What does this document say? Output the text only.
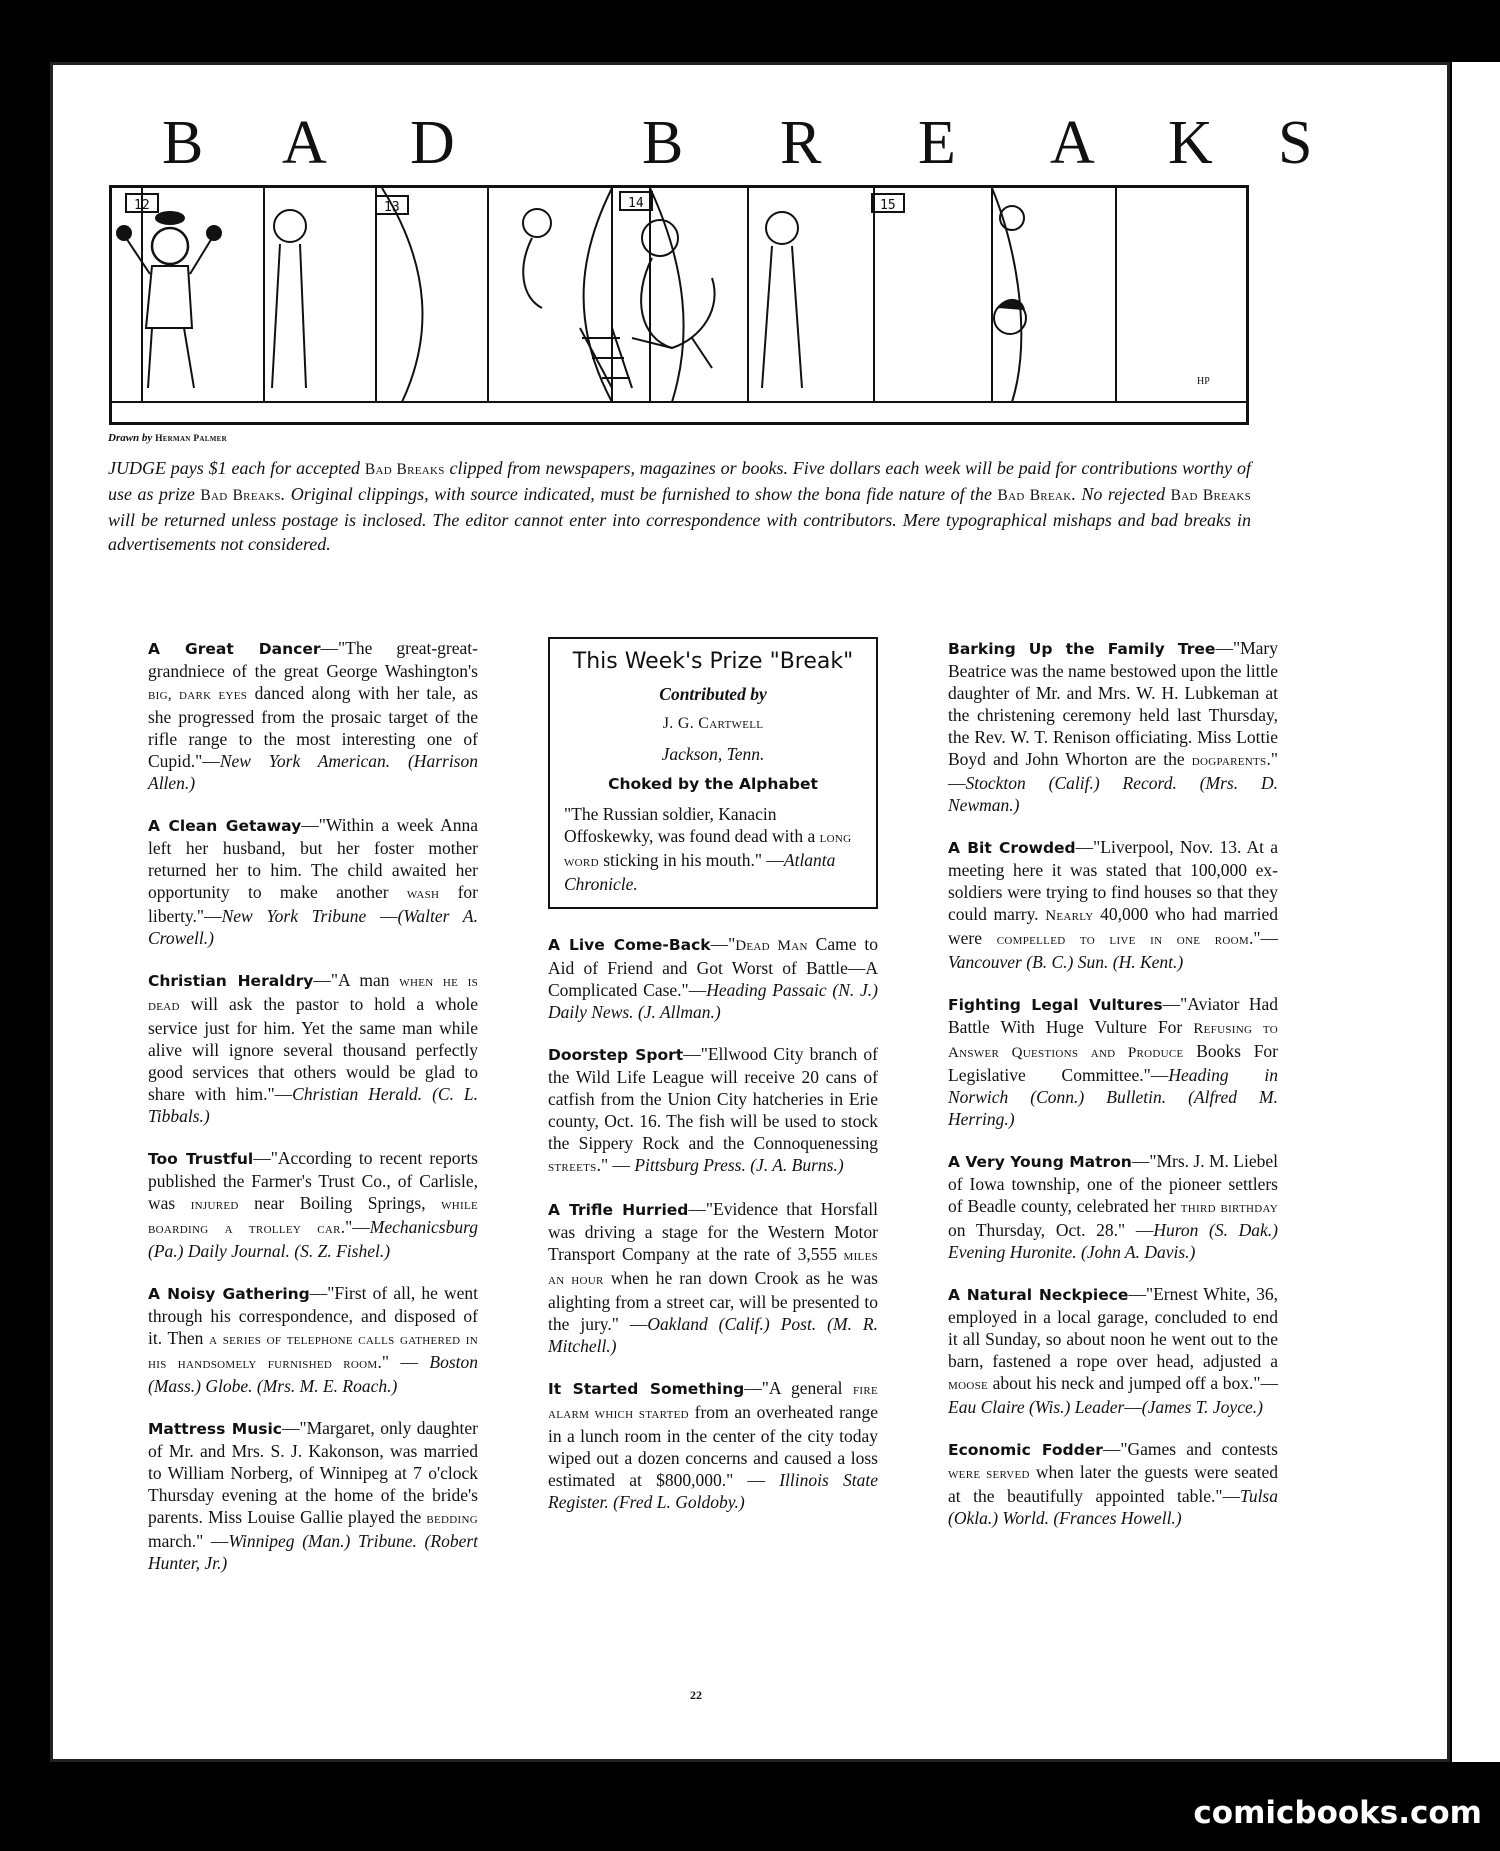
B A D	B R E A K S
12	13	14	15
HP
Drawn by Herman Palmer

JUDGE pays $1 each for accepted Bad Breaks clipped from newspapers, magazines or books. Five dollars each week will be paid for contributions worthy of use as prize Bad Breaks. Original clippings, with source indicated, must be furnished to show the bona fide nature of the Bad Break. No rejected Bad Breaks will be returned unless postage is inclosed. The editor cannot enter into correspondence with contributors. Mere typographical mishaps and bad breaks in advertisements not considered.

A Great Dancer—"The great-great-grandniece of the great George Washington's big, dark eyes danced along with her tale, as she progressed from the prosaic target of the rifle range to the most interesting one of Cupid."—New York American. (Harrison Allen.)

A Clean Getaway—"Within a week Anna left her husband, but her foster mother returned her to him. The child awaited her opportunity to make another wash for liberty."—New York Tribune —(Walter A. Crowell.)

Christian Heraldry—"A man when he is dead will ask the pastor to hold a whole service just for him. Yet the same man while alive will ignore several thousand perfectly good services that others would be glad to share with him."—Christian Herald. (C. L. Tibbals.)

Too Trustful—"According to recent reports published the Farmer's Trust Co., of Carlisle, was injured near Boiling Springs, while boarding a trolley car."—Mechanicsburg (Pa.) Daily Journal. (S. Z. Fishel.)

A Noisy Gathering—"First of all, he went through his correspondence, and disposed of it. Then a series of telephone calls gathered in his handsomely furnished room." — Boston (Mass.) Globe. (Mrs. M. E. Roach.)

Mattress Music—"Margaret, only daughter of Mr. and Mrs. S. J. Kakonson, was married to William Norberg, of Winnipeg at 7 o'clock Thursday evening at the home of the bride's parents. Miss Louise Gallie played the bedding march." —Winnipeg (Man.) Tribune. (Robert Hunter, Jr.)

This Week's Prize "Break"
Contributed by
J. G. Cartwell
Jackson, Tenn.
Choked by the Alphabet
"The Russian soldier, Kanacin Offoskewky, was found dead with a long word sticking in his mouth." —Atlanta Chronicle.

A Live Come-Back—"Dead Man Came to Aid of Friend and Got Worst of Battle—A Complicated Case."—Heading Passaic (N. J.) Daily News. (J. Allman.)

Doorstep Sport—"Ellwood City branch of the Wild Life League will receive 20 cans of catfish from the Union City hatcheries in Erie county, Oct. 16. The fish will be used to stock the Sippery Rock and the Connoquenessing streets." — Pittsburg Press. (J. A. Burns.)

A Trifle Hurried—"Evidence that Horsfall was driving a stage for the Western Motor Transport Company at the rate of 3,555 miles an hour when he ran down Crook as he was alighting from a street car, will be presented to the jury." —Oakland (Calif.) Post. (M. R. Mitchell.)

It Started Something—"A general fire alarm which started from an overheated range in a lunch room in the center of the city today wiped out a dozen concerns and caused a loss estimated at $800,000." — Illinois State Register. (Fred L. Goldoby.)

Barking Up the Family Tree—"Mary Beatrice was the name bestowed upon the little daughter of Mr. and Mrs. W. H. Lubkeman at the christening ceremony held last Thursday, the Rev. W. T. Renison officiating. Miss Lottie Boyd and John Whorton are the dogparents." —Stockton (Calif.) Record. (Mrs. D. Newman.)

A Bit Crowded—"Liverpool, Nov. 13. At a meeting here it was stated that 100,000 ex-soldiers were trying to find houses so that they could marry. Nearly 40,000 who had married were compelled to live in one room."—Vancouver (B. C.) Sun. (H. Kent.)

Fighting Legal Vultures—"Aviator Had Battle With Huge Vulture For Refusing to Answer Questions and Produce Books For Legislative Committee."—Heading in Norwich (Conn.) Bulletin. (Alfred M. Herring.)

A Very Young Matron—"Mrs. J. M. Liebel of Iowa township, one of the pioneer settlers of Beadle county, celebrated her third birthday on Thursday, Oct. 28." —Huron (S. Dak.) Evening Huronite. (John A. Davis.)

A Natural Neckpiece—"Ernest White, 36, employed in a local garage, concluded to end it all Sunday, so about noon he went out to the barn, fastened a rope over head, adjusted a moose about his neck and jumped off a box."—Eau Claire (Wis.) Leader—(James T. Joyce.)

Economic Fodder—"Games and contests were served when later the guests were seated at the beautifully appointed table."—Tulsa (Okla.) World. (Frances Howell.)

22
comicbooks.com
